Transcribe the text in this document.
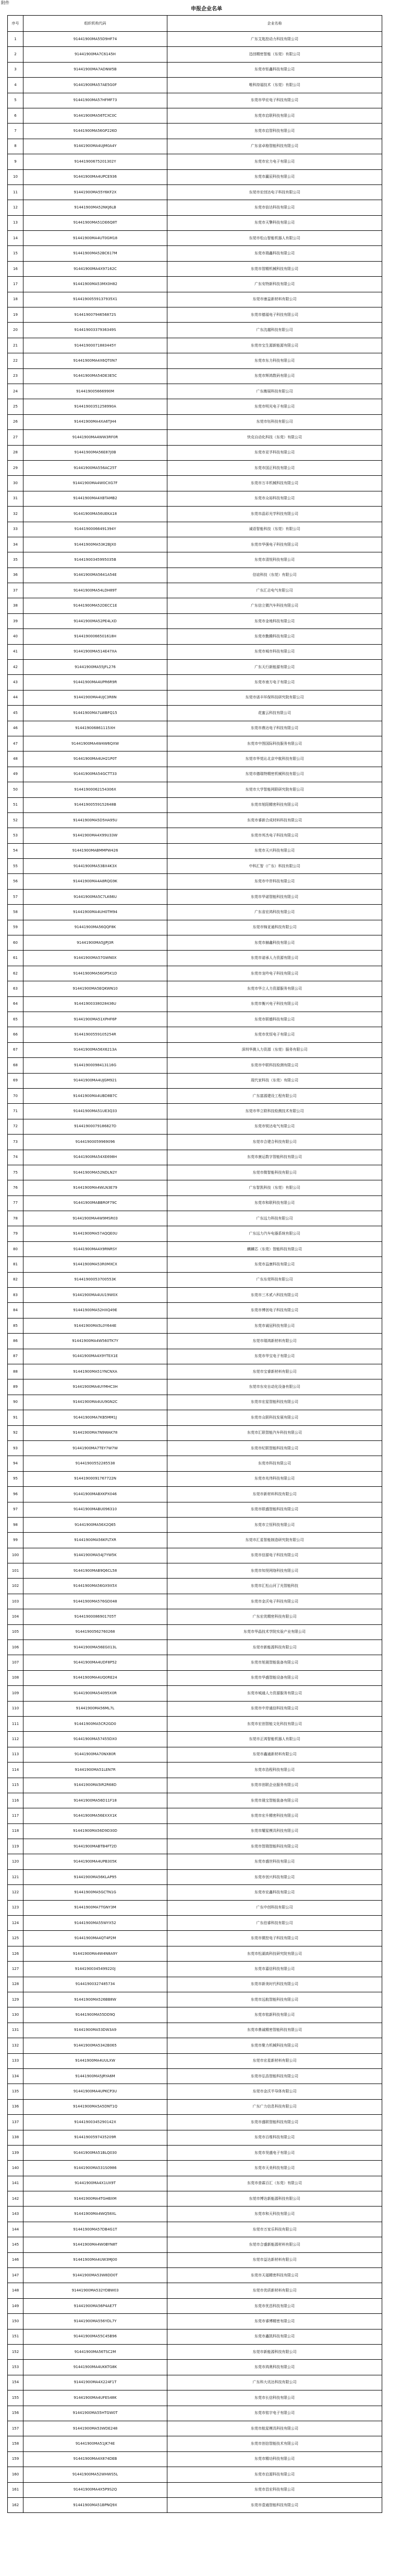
附件
申报企业名单
序号	组织机构代码	企业名称
1	91441900MA55D9HF74	广东艾匙控动力科技有限公司
2	91441900MA7C6145H	迅创精密智能（东莞）有限公司
3	91441900MA7ADNW5B	东莞市钜鑫科技有限公司
4	91441900MA57AE5G0F	唯科持福技术（东莞）有限公司
5	91441900MA57HFMF73	东莞市华宏电子科技有限公司
6	91441900MA56TCXC0C	东莞市启联科技有限公司
7	91441900MA56GP226D	东莞市启智科技有限公司
8	91441900MA4UJM0A4Y	广东省卓格智能科技有限公司
9	91441900675201302Y	东莞市宏力电子有限公司
10	91441900MA4UPCE936	东莞市赢辰科技有限公司
11	91441900MA55Y6KF2X	东莞市宏创达电子科技有限公司
12	91441900MA52NKJ6LB	东莞市倍达科技有限公司
13	91441900MA51DE6Q8T	东莞市天擎科技有限公司
14	91441900MA4UT0GM18	东莞市松山智能机器人有限公司
15	91441900MA52BC617M	东莞市瑞鑫科技有限公司
16	91441900MA4X97162C	东莞市智精机械科技有限公司
17	91441900MA53MX0H82	广东安特新科技有限公司
18	91441900559137935X1	东莞市康益新材料有限公司
19	91441900794656872S	东莞市德福电子科技有限公司
20	91441900337936349S	广东沈越科技有限公司
21	91441900071883445Y	东莞市宝生源新能源有限公司
22	91441900MA4X6QT0N7	东莞市东力科技有限公司
23	91441900MA54DE3E5C	东莞市辉鸿数码有限公司
24	914419005666990M	广东衡展科技有限公司
25	91441900351258990A	东莞市明光电子有限公司
26	91441900MA4XA6TJH4	东莞市钰科技有限公司
27	91441900MA4WW3RF0R	快克自动化科技（东莞）有限公司
28	91441900MA56E87J0B	东莞市亚孚科技有限公司
29	91441900MA556AC25T	东莞市国正科技有限公司
30	91441900MA4W0CXG7F	东莞市万丰机械科技有限公司
31	91441900MA4XBTAMB2	东莞市众裕科技有限公司
32	91441900MA56UEKA18	东莞市晶彩光学科技有限公司
33	91441900066491394Y	诚语智能科技（东莞）有限公司
34	91441900MA53K2BJX0	东莞市华强电子科技有限公司
35	91441900345995035B	东莞市清悦科技有限公司
36	91441900MA5641A54E	信谊科技（东莞）有限公司
37	91441900MA54LDH89T	广东汇志电气有限公司
38	91441900MA52DECC1E	广东信立微汽车科技有限公司
39	91441900MA52PE4LXD	东莞市金地科技有限公司
40	91441900066501618H	东莞市勤腾科技有限公司
41	91441900MA514E47XA	东莞市城市科技有限公司
42	91441900MA55JFL276	广东天行新能源有限公司
43	91441900MA4UPR6R9R	东莞市南方电子有限公司
44	91441900MA4UJC3R8N	东莞市诺丰环保科技研究院有限公司
45	91441900MA7LWBFQ15	花蜜云科技有限公司
46	914419006861115XH	东莞市鼎达电子科技有限公司
47	91441900MA4W4W6QXW	东莞市中图国际科技服务有限公司
48	91441900MA4UH21P0T	东莞市华莞沁北京中航科技有限公司
49	91441900MA54GCTT33	东莞市德瑞特精密机械科技有限公司
50	91441900062154306X	东莞市大学智能网联研究院有限公司
51	91441900559152648B	东莞市旭阳精密科技有限公司
52	91441900MA5D5HA95U	东莞市睿新合成材料科技有限公司
53	91441900MA4X99U33W	东莞市邦杰电子科技有限公司
54	91441900MABMMPW426	东莞市天兴科技有限公司
55	91441900MA53BX4K3X	中科汇智（广东）科技有限公司
56	91441900MA4A8RQG9K	东莞市中岸科技有限公司
57	91441900MA5C7LK66U	东莞市华诺智能科技有限公司
58	91441900MA4UH0TM94	广东省宏鸿科技有限公司
59	91441900MA56QQF8K	东莞市锦亚通科技有限公司
60	91441900MA5JJPJ3R	东莞市赫鑫科技有限公司
61	91441900MA57GWN0X	东莞市诺承人力资源有限公司
62	91441900MA56GP5K1D	东莞市龙吟电子科技有限公司
63	91441900MA5EQKWN10	东莞市华立人力资源服务有限公司
64	91441900338028436U	东莞市衡兴电子科技有限公司
65	91441900MA51XPHF6P	东莞市联德科技有限公司
66	91441900559105254R	东莞市优恒电子有限公司
67	91441900MA56X6213A	深圳华测人力资源（东莞）服务有限公司
68	91441900098413116G	东莞市中联科技检测有限公司
69	91441900MA4UJGM921	现代家科技（东莞）有限公司
70	91441900MA4UBD8B7C	广东富源建设工程有限公司
71	91441900MA51UE3Q33	东莞市华立联科技检测技术有限公司
72	91441900079186827D	东莞市锐达电气有限公司
73	91441900059969096	东莞市合建合科技有限公司
74	91441900MA54XE698H	东莞市康运数字智能科技有限公司
75	91441900MA52NDLN2Y	东莞市微智能科技有限公司
76	91441900MA4WLN3E79	广东智凯科技（东莞）有限公司
77	91441900MABBR0F79C	东莞市和联科技有限公司
78	91441900MA4W9MSR03	广东远力科技有限公司
79	91441900MA57AQQE0U	广东远力汽车电器系统有限公司
80	91441900MA4X9RNRSY	麒麟芯（东莞）智能科技有限公司
81	91441900MA53R0MXCX	东莞市益康科技有限公司
82	91441900053700553K	广东东莞科技有限公司
83	91441900MA4UU19W0X	东莞市三木贰六科技有限公司
84	91441900MA52HXQ49E	东莞市博创电子科技有限公司
85	91441900MA5L0Y644E	东莞市诚冠科技有限公司
86	91441900MA4W560TK7Y	东莞市瑞鸿新材料有限公司
87	91441900MA4X9YTEX1E	东莞市华宝电子有限公司
88	91441900MA51YNCNXA	东莞市宝睿新材料有限公司
89	91441900MA4UYMHC3H	东莞市东安自动化设备有限公司
90	91441900MA4UU9GN2C	东莞市宏星智能科技有限公司
91	91441900MA7KB5MM1J	东莞市众联科技发展有限公司
92	91441900MA7N9WAK78	东莞市汇联智能汽车科技有限公司
93	91441900MA7TEY7W7W	东莞市纪联智能科技有限公司
94	91441900552285538	东莞市科技有限公司
95	91441900091767722N	东莞市兆伟科技有限公司
96	91441900MABXKPX046	东莞市新材料科技有限公司
97	91441900MABU096310	东莞市联盛智能科技有限公司
98	91441900MA56X2Q65	东莞市立恒科技有限公司
99	91441900MA56KFLTXR	东莞市汇星智能制造研究院有限公司
100	91441900MA54J7YW5K	东莞市信源电子科技有限公司
101	91441900MAB9Q6CL58	东莞市知昊网络科技有限公司
102	91441900MA56GX9X5X	东莞市汇松山河了光智能科技
103	91441900MA576GD048	东莞市金沃电子科技有限公司
104	91441900086901705T	广东宏优精密科技有限公司
105	91441900562760268	东莞市华晶技术学院实验产业有限公司
106	91441900MA56EG013L	东莞市新能源科技有限公司
107	91441900MA4UDF8P52	东莞市旭晟智能装备有限公司
108	91441900MA4UQ0RE24	东莞市华盛智能设备有限公司
109	91441900MA54095X0R	东莞市城通人力资源服务有限公司
110	91441900MA56ML7L	东莞市中岸通信科技有限公司
111	91441900MA5CR2GD0	东莞市宏创智能文化科技有限公司
112	91441900MA57455DX0	东莞市正鸿智能机器人有限公司
113	91441900MA70NX80R	东莞市鑫通新材料有限公司
114	91441900MA51LEN7R	东莞市浩程科技有限公司
115	91441900MA5IR2R68D	东莞市创联企业服务有限公司
116	91441900MA56D11F18	东莞市晟宝智能装备有限公司
117	91441900MA56EXXX1K	东莞市宏升精密科技有限公司
118	91441900MA56D9D30D	东莞市耀星模具科技有限公司
119	91441900MABTB4FT2D	东莞市智瑞智能科技有限公司
120	91441900MA4UPB305K	东莞市盛世科技有限公司
121	91441900MA56KLAP95	东莞市创兴科技有限公司
122	91441900MA5GCTN1G	东莞市宏鑫科技有限公司
123	91441900MA7TGNY3M	广东中创科技有限公司
124	91441900MA55WYX52	广东伯睿科技有限公司
125	91441900MA4QT4P2M	东莞市微控电子科技有限公司
126	91441900MA4W4N8A9Y	东莞市松湖高科技研究院有限公司
127	91441900345499220J	东莞市嘉信科技有限公司
128	91441900327485734	东莞市新美时代科技有限公司
129	91441900MA526BB8W	东莞市远航智能科技有限公司
130	91441900MA55DD9Q	东莞市铭新科技有限公司
131	91441900MA53DW3A9	东莞市鼎诚精密智能科技有限公司
132	91441900MA5342B065	东莞市聚力机械科技有限公司
133	91441900MA4UULXW	东莞市宏星新材料有限公司
134	91441900MA5JRYA6M	东莞市弘浩智能科技有限公司
135	91441900MA4UPKCP3U	东莞市金沃半导体有限公司
136	91441900MA5A5DNT1Q	广东广力信息科技有限公司
137	91441900345290142X	东莞市盛联智能科技有限公司
138	91441900597435209R	东莞市百维科技有限公司
139	91441900MA51BLQ030	东莞市昊盛电子有限公司
140	91441900MA531S0986	东莞市天美科技有限公司
141	91441900MA4X1UX9T	东莞市普霖百汇（东莞）有限公司
142	91441900MA4TGHBXM	东莞市博达新能源科技有限公司
143	91441900MA4WQ58XL	东莞市和天科技有限公司
144	91441900MA57DB4G1T	东莞市万家乐科技有限公司
145	91441900MA4W0BYN8T	东莞市合盛新能源材料有限公司
146	91441900MA4UW3MJ00	东莞市益达新材料有限公司
147	91441900MA53W8DD0T	东莞市天福精密科技有限公司
148	91441900MA532YDBW03	东莞市优质新材料有限公司
149	91441900MA56P4AE7T	东莞市优昌科技有限公司
150	91441900MA556YDL7Y	东莞市睿博精密有限公司
151	91441900MA55C45B96	东莞市鑫凯科技有限公司
152	91441900MA56TSC2M	东莞市新能源科技有限公司
153	91441900MA4UKKTG8K	东莞市鸿奥科技有限公司
154	91441900MA4X224F1T	广东科大讯达科技有限公司
155	91441900MA4UFES48K	东莞市长信科技有限公司
156	91441900MA55HTGW0T	东莞市铭宇电子有限公司
157	91441900MA53WDE248	东莞市航星模具科技有限公司
158	91441900MA51JK74E	东莞市创信智能技术有限公司
159	91441900MA4X874DEB	东莞市精功科技有限公司
160	91441900MA52WHWS5L	东莞市启源科技有限公司
161	91441900MA4X5P9S2Q	东莞市昌宏科技有限公司
162	91441900MA51BPNQ9X	东莞市壹通智能科技有限公司
